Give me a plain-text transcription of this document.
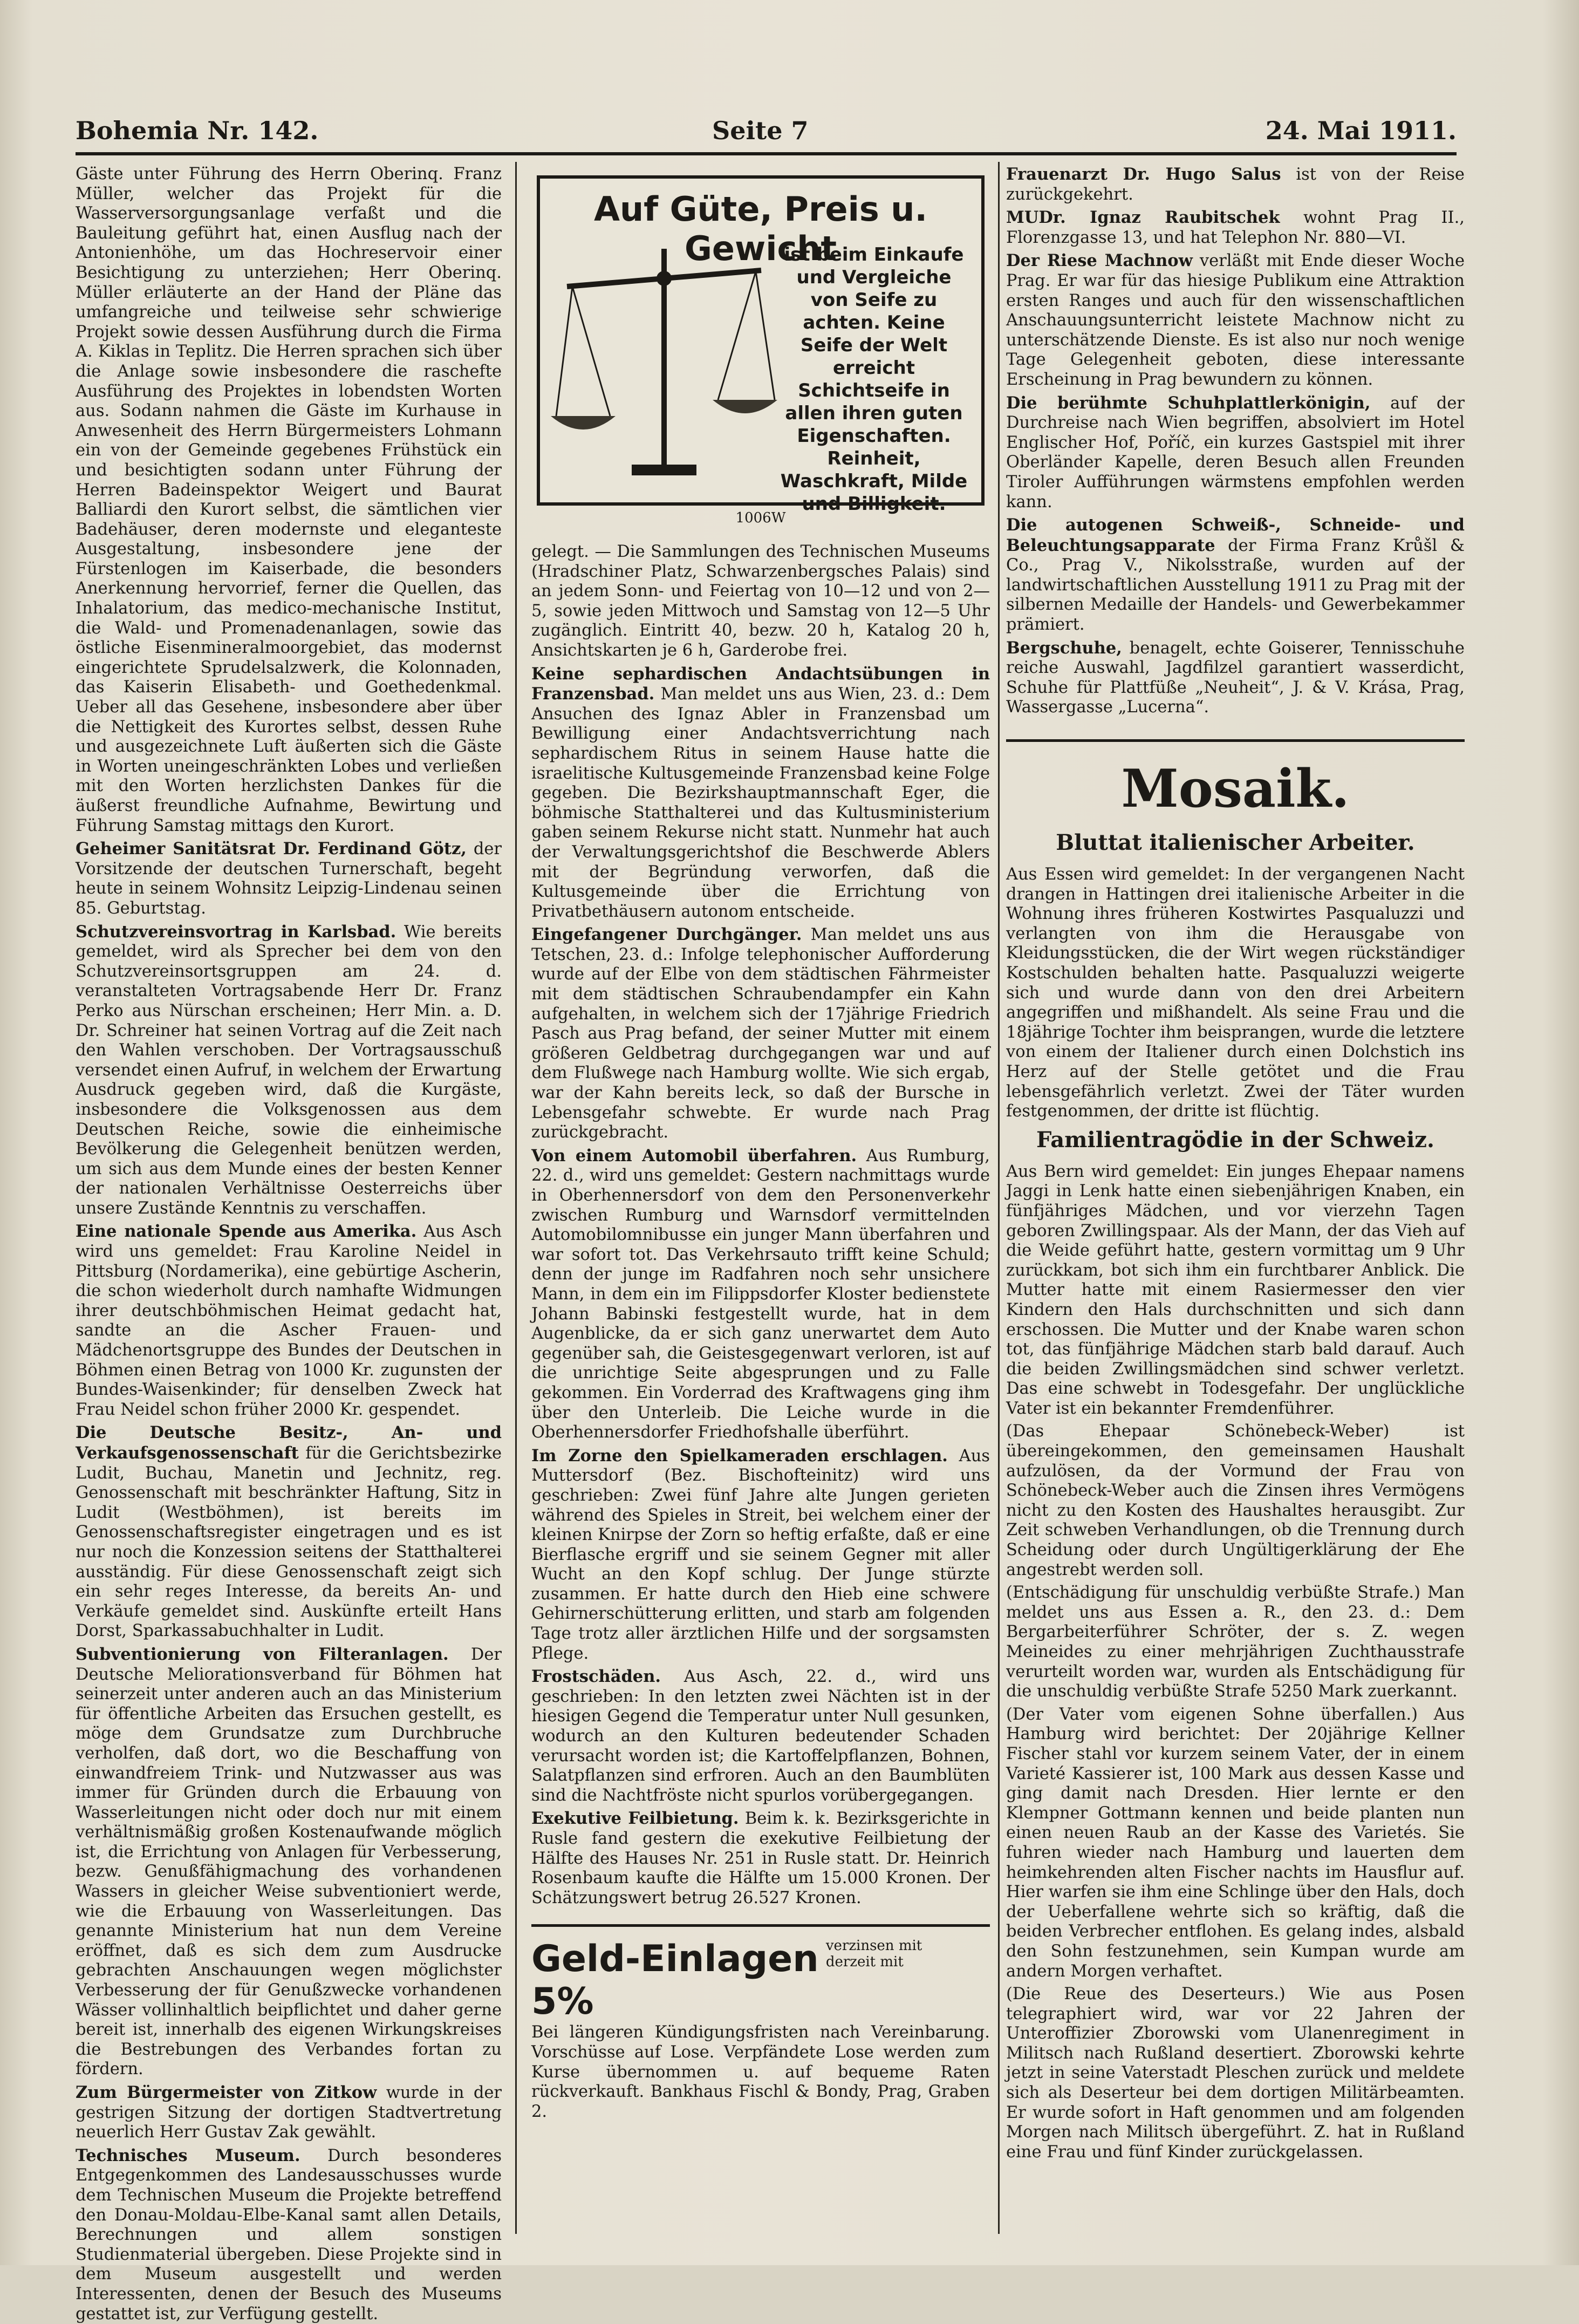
Bohemia Nr. 142.	Seite 7	24. Mai 1911.

Gäste unter Führung des Herrn Oberinq. Franz Müller, welcher das Projekt für die Wasserversorgungsanlage verfaßt und die Bauleitung geführt hat, einen Ausflug nach der Antonienhöhe, um das Hochreservoir einer Besichtigung zu unterziehen; Herr Oberinq. Müller erläuterte an der Hand der Pläne das umfangreiche und teilweise sehr schwierige Projekt sowie dessen Ausführung durch die Firma A. Kiklas in Teplitz. Die Herren sprachen sich über die Anlage sowie insbesondere die raschefte Ausführung des Projektes in lobendsten Worten aus. Sodann nahmen die Gäste im Kurhause in Anwesenheit des Herrn Bürgermeisters Lohmann ein von der Gemeinde gegebenes Frühstück ein und besichtigten sodann unter Führung der Herren Badeinspektor Weigert und Baurat Balliardi den Kurort selbst, die sämtlichen vier Badehäuser, deren modernste und eleganteste Ausgestaltung, insbesondere jene der Fürstenlogen im Kaiserbade, die besonders Anerkennung hervorrief, ferner die Quellen, das Inhalatorium, das medico-mechanische Institut, die Wald- und Promenadenanlagen, sowie das östliche Eisenmineralmoorgebiet, das modernst eingerichtete Sprudelsalzwerk, die Kolonnaden, das Kaiserin Elisabeth- und Goethedenkmal. Ueber all das Gesehene, insbesondere aber über die Nettigkeit des Kurortes selbst, dessen Ruhe und ausgezeichnete Luft äußerten sich die Gäste in Worten uneingeschränkten Lobes und verließen mit den Worten herzlichsten Dankes für die äußerst freundliche Aufnahme, Bewirtung und Führung Samstag mittags den Kurort.

Geheimer Sanitätsrat Dr. Ferdinand Götz, der Vorsitzende der deutschen Turnerschaft, begeht heute in seinem Wohnsitz Leipzig-Lindenau seinen 85. Geburtstag.

Schutzvereinsvortrag in Karlsbad. Wie bereits gemeldet, wird als Sprecher bei dem von den Schutzvereinsortsgruppen am 24. d. veranstalteten Vortragsabende Herr Dr. Franz Perko aus Nürschan erscheinen; Herr Min. a. D. Dr. Schreiner hat seinen Vortrag auf die Zeit nach den Wahlen verschoben. Der Vortragsausschuß versendet einen Aufruf, in welchem der Erwartung Ausdruck gegeben wird, daß die Kurgäste, insbesondere die Volksgenossen aus dem Deutschen Reiche, sowie die einheimische Bevölkerung die Gelegenheit benützen werden, um sich aus dem Munde eines der besten Kenner der nationalen Verhältnisse Oesterreichs über unsere Zustände Kenntnis zu verschaffen.

Eine nationale Spende aus Amerika. Aus Asch wird uns gemeldet: Frau Karoline Neidel in Pittsburg (Nordamerika), eine gebürtige Ascherin, die schon wiederholt durch namhafte Widmungen ihrer deutschböhmischen Heimat gedacht hat, sandte an die Ascher Frauen- und Mädchenortsgruppe des Bundes der Deutschen in Böhmen einen Betrag von 1000 Kr. zugunsten der Bundes-Waisenkinder; für denselben Zweck hat Frau Neidel schon früher 2000 Kr. gespendet.

Die Deutsche Besitz-, An- und Verkaufsgenossenschaft für die Gerichtsbezirke Ludit, Buchau, Manetin und Jechnitz, reg. Genossenschaft mit beschränkter Haftung, Sitz in Ludit (Westböhmen), ist bereits im Genossenschaftsregister eingetragen und es ist nur noch die Konzession seitens der Statthalterei ausständig. Für diese Genossenschaft zeigt sich ein sehr reges Interesse, da bereits An- und Verkäufe gemeldet sind. Auskünfte erteilt Hans Dorst, Sparkassabuchhalter in Ludit.

Subventionierung von Filteranlagen. Der Deutsche Meliorationsverband für Böhmen hat seinerzeit unter anderen auch an das Ministerium für öffentliche Arbeiten das Ersuchen gestellt, es möge dem Grundsatze zum Durchbruche verholfen, daß dort, wo die Beschaffung von einwandfreiem Trink- und Nutzwasser aus was immer für Gründen durch die Erbauung von Wasserleitungen nicht oder doch nur mit einem verhältnismäßig großen Kostenaufwande möglich ist, die Errichtung von Anlagen für Verbesserung, bezw. Genußfähigmachung des vorhandenen Wassers in gleicher Weise subventioniert werde, wie die Erbauung von Wasserleitungen. Das genannte Ministerium hat nun dem Vereine eröffnet, daß es sich dem zum Ausdrucke gebrachten Anschauungen wegen möglichster Verbesserung der für Genußzwecke vorhandenen Wässer vollinhaltlich beipflichtet und daher gerne bereit ist, innerhalb des eigenen Wirkungskreises die Bestrebungen des Verbandes fortan zu fördern.

Zum Bürgermeister von Zitkow wurde in der gestrigen Sitzung der dortigen Stadtvertretung neuerlich Herr Gustav Zak gewählt.

Technisches Museum. Durch besonderes Entgegenkommen des Landesausschusses wurde dem Technischen Museum die Projekte betreffend den Donau-Moldau-Elbe-Kanal samt allen Details, Berechnungen und allem sonstigen Studienmaterial übergeben. Diese Projekte sind in dem Museum ausgestellt und werden Interessenten, denen der Besuch des Museums gestattet ist, zur Verfügung gestellt.

Auf Güte, Preis u. Gewicht
ist beim Einkaufe und Vergleiche von Seife zu achten. Keine Seife der Welt erreicht Schichtseife in allen ihren guten Eigenschaften. Reinheit, Waschkraft, Milde und Billigkeit.
1006W

gelegt. — Die Sammlungen des Technischen Museums (Hradschiner Platz, Schwarzenbergsches Palais) sind an jedem Sonn- und Feiertag von 10—12 und von 2—5, sowie jeden Mittwoch und Samstag von 12—5 Uhr zugänglich. Eintritt 40, bezw. 20 h, Katalog 20 h, Ansichtskarten je 6 h, Garderobe frei.

Keine sephardischen Andachtsübungen in Franzensbad. Man meldet uns aus Wien, 23. d.: Dem Ansuchen des Ignaz Abler in Franzensbad um Bewilligung einer Andachtsverrichtung nach sephardischem Ritus in seinem Hause hatte die israelitische Kultusgemeinde Franzensbad keine Folge gegeben. Die Bezirkshauptmannschaft Eger, die böhmische Statthalterei und das Kultusministerium gaben seinem Rekurse nicht statt. Nunmehr hat auch der Verwaltungsgerichtshof die Beschwerde Ablers mit der Begründung verworfen, daß die Kultusgemeinde über die Errichtung von Privatbethäusern autonom entscheide.

Eingefangener Durchgänger. Man meldet uns aus Tetschen, 23. d.: Infolge telephonischer Aufforderung wurde auf der Elbe von dem städtischen Fährmeister mit dem städtischen Schraubendampfer ein Kahn aufgehalten, in welchem sich der 17jährige Friedrich Pasch aus Prag befand, der seiner Mutter mit einem größeren Geldbetrag durchgegangen war und auf dem Flußwege nach Hamburg wollte. Wie sich ergab, war der Kahn bereits leck, so daß der Bursche in Lebensgefahr schwebte. Er wurde nach Prag zurückgebracht.

Von einem Automobil überfahren. Aus Rumburg, 22. d., wird uns gemeldet: Gestern nachmittags wurde in Oberhennersdorf von dem den Personenverkehr zwischen Rumburg und Warnsdorf vermittelnden Automobilomnibusse ein junger Mann überfahren und war sofort tot. Das Verkehrsauto trifft keine Schuld; denn der junge im Radfahren noch sehr unsichere Mann, in dem ein im Filippsdorfer Kloster bedienstete Johann Babinski festgestellt wurde, hat in dem Augenblicke, da er sich ganz unerwartet dem Auto gegenüber sah, die Geistesgegenwart verloren, ist auf die unrichtige Seite abgesprungen und zu Falle gekommen. Ein Vorderrad des Kraftwagens ging ihm über den Unterleib. Die Leiche wurde in die Oberhennersdorfer Friedhofshalle überführt.

Im Zorne den Spielkameraden erschlagen. Aus Muttersdorf (Bez. Bischofteinitz) wird uns geschrieben: Zwei fünf Jahre alte Jungen gerieten während des Spieles in Streit, bei welchem einer der kleinen Knirpse der Zorn so heftig erfaßte, daß er eine Bierflasche ergriff und sie seinem Gegner mit aller Wucht an den Kopf schlug. Der Junge stürzte zusammen. Er hatte durch den Hieb eine schwere Gehirnerschütterung erlitten, und starb am folgenden Tage trotz aller ärztlichen Hilfe und der sorgsamsten Pflege.

Frostschäden. Aus Asch, 22. d., wird uns geschrieben: In den letzten zwei Nächten ist in der hiesigen Gegend die Temperatur unter Null gesunken, wodurch an den Kulturen bedeutender Schaden verursacht worden ist; die Kartoffelpflanzen, Bohnen, Salatpflanzen sind erfroren. Auch an den Baumblüten sind die Nachtfröste nicht spurlos vorübergegangen.

Exekutive Feilbietung. Beim k. k. Bezirksgerichte in Rusle fand gestern die exekutive Feilbietung der Hälfte des Hauses Nr. 251 in Rusle statt. Dr. Heinrich Rosenbaum kaufte die Hälfte um 15.000 Kronen. Der Schätzungswert betrug 26.527 Kronen.

Geld-Einlagen verzinsen mit derzeit mit 5%

Bei längeren Kündigungsfristen nach Vereinbarung. Vorschüsse auf Lose. Verpfändete Lose werden zum Kurse übernommen u. auf bequeme Raten rückverkauft. Bankhaus Fischl & Bondy, Prag, Graben 2.

Frauenarzt Dr. Hugo Salus ist von der Reise zurückgekehrt.

MUDr. Ignaz Raubitschek wohnt Prag II., Florenzgasse 13, und hat Telephon Nr. 880—VI.

Der Riese Machnow verläßt mit Ende dieser Woche Prag. Er war für das hiesige Publikum eine Attraktion ersten Ranges und auch für den wissenschaftlichen Anschauungsunterricht leistete Machnow nicht zu unterschätzende Dienste. Es ist also nur noch wenige Tage Gelegenheit geboten, diese interessante Erscheinung in Prag bewundern zu können.

Die berühmte Schuhplattlerkönigin, auf der Durchreise nach Wien begriffen, absolviert im Hotel Englischer Hof, Poříč, ein kurzes Gastspiel mit ihrer Oberländer Kapelle, deren Besuch allen Freunden Tiroler Aufführungen wärmstens empfohlen werden kann.

Die autogenen Schweiß-, Schneide- und Beleuchtungsapparate der Firma Franz Krůšl & Co., Prag V., Nikolsstraße, wurden auf der landwirtschaftlichen Ausstellung 1911 zu Prag mit der silbernen Medaille der Handels- und Gewerbekammer prämiert.

Bergschuhe, benagelt, echte Goiserer, Tennisschuhe reiche Auswahl, Jagdfilzel garantiert wasserdicht, Schuhe für Plattfüße „Neuheit“, J. & V. Krása, Prag, Wassergasse „Lucerna“.

Mosaik.
Bluttat italienischer Arbeiter.

Aus Essen wird gemeldet: In der vergangenen Nacht drangen in Hattingen drei italienische Arbeiter in die Wohnung ihres früheren Kostwirtes Pasqualuzzi und verlangten von ihm die Herausgabe von Kleidungsstücken, die der Wirt wegen rückständiger Kostschulden behalten hatte. Pasqualuzzi weigerte sich und wurde dann von den drei Arbeitern angegriffen und mißhandelt. Als seine Frau und die 18jährige Tochter ihm beisprangen, wurde die letztere von einem der Italiener durch einen Dolchstich ins Herz auf der Stelle getötet und die Frau lebensgefährlich verletzt. Zwei der Täter wurden festgenommen, der dritte ist flüchtig.

Familientragödie in der Schweiz.

Aus Bern wird gemeldet: Ein junges Ehepaar namens Jaggi in Lenk hatte einen siebenjährigen Knaben, ein fünfjähriges Mädchen, und vor vierzehn Tagen geboren Zwillingspaar. Als der Mann, der das Vieh auf die Weide geführt hatte, gestern vormittag um 9 Uhr zurückkam, bot sich ihm ein furchtbarer Anblick. Die Mutter hatte mit einem Rasiermesser den vier Kindern den Hals durchschnitten und sich dann erschossen. Die Mutter und der Knabe waren schon tot, das fünfjährige Mädchen starb bald darauf. Auch die beiden Zwillingsmädchen sind schwer verletzt. Das eine schwebt in Todesgefahr. Der unglückliche Vater ist ein bekannter Fremdenführer.

(Das Ehepaar Schönebeck-Weber) ist übereingekommen, den gemeinsamen Haushalt aufzulösen, da der Vormund der Frau von Schönebeck-Weber auch die Zinsen ihres Vermögens nicht zu den Kosten des Haushaltes herausgibt. Zur Zeit schweben Verhandlungen, ob die Trennung durch Scheidung oder durch Ungültigerklärung der Ehe angestrebt werden soll.

(Entschädigung für unschuldig verbüßte Strafe.) Man meldet uns aus Essen a. R., den 23. d.: Dem Bergarbeiterführer Schröter, der s. Z. wegen Meineides zu einer mehrjährigen Zuchthausstrafe verurteilt worden war, wurden als Entschädigung für die unschuldig verbüßte Strafe 5250 Mark zuerkannt.

(Der Vater vom eigenen Sohne überfallen.) Aus Hamburg wird berichtet: Der 20jährige Kellner Fischer stahl vor kurzem seinem Vater, der in einem Varieté Kassierer ist, 100 Mark aus dessen Kasse und ging damit nach Dresden. Hier lernte er den Klempner Gottmann kennen und beide planten nun einen neuen Raub an der Kasse des Varietés. Sie fuhren wieder nach Hamburg und lauerten dem heimkehrenden alten Fischer nachts im Hausflur auf. Hier warfen sie ihm eine Schlinge über den Hals, doch der Ueberfallene wehrte sich so kräftig, daß die beiden Verbrecher entflohen. Es gelang indes, alsbald den Sohn festzunehmen, sein Kumpan wurde am andern Morgen verhaftet.

(Die Reue des Deserteurs.) Wie aus Posen telegraphiert wird, war vor 22 Jahren der Unteroffizier Zborowski vom Ulanenregiment in Militsch nach Rußland desertiert. Zborowski kehrte jetzt in seine Vaterstadt Pleschen zurück und meldete sich als Deserteur bei dem dortigen Militärbeamten. Er wurde sofort in Haft genommen und am folgenden Morgen nach Militsch übergeführt. Z. hat in Rußland eine Frau und fünf Kinder zurückgelassen.
